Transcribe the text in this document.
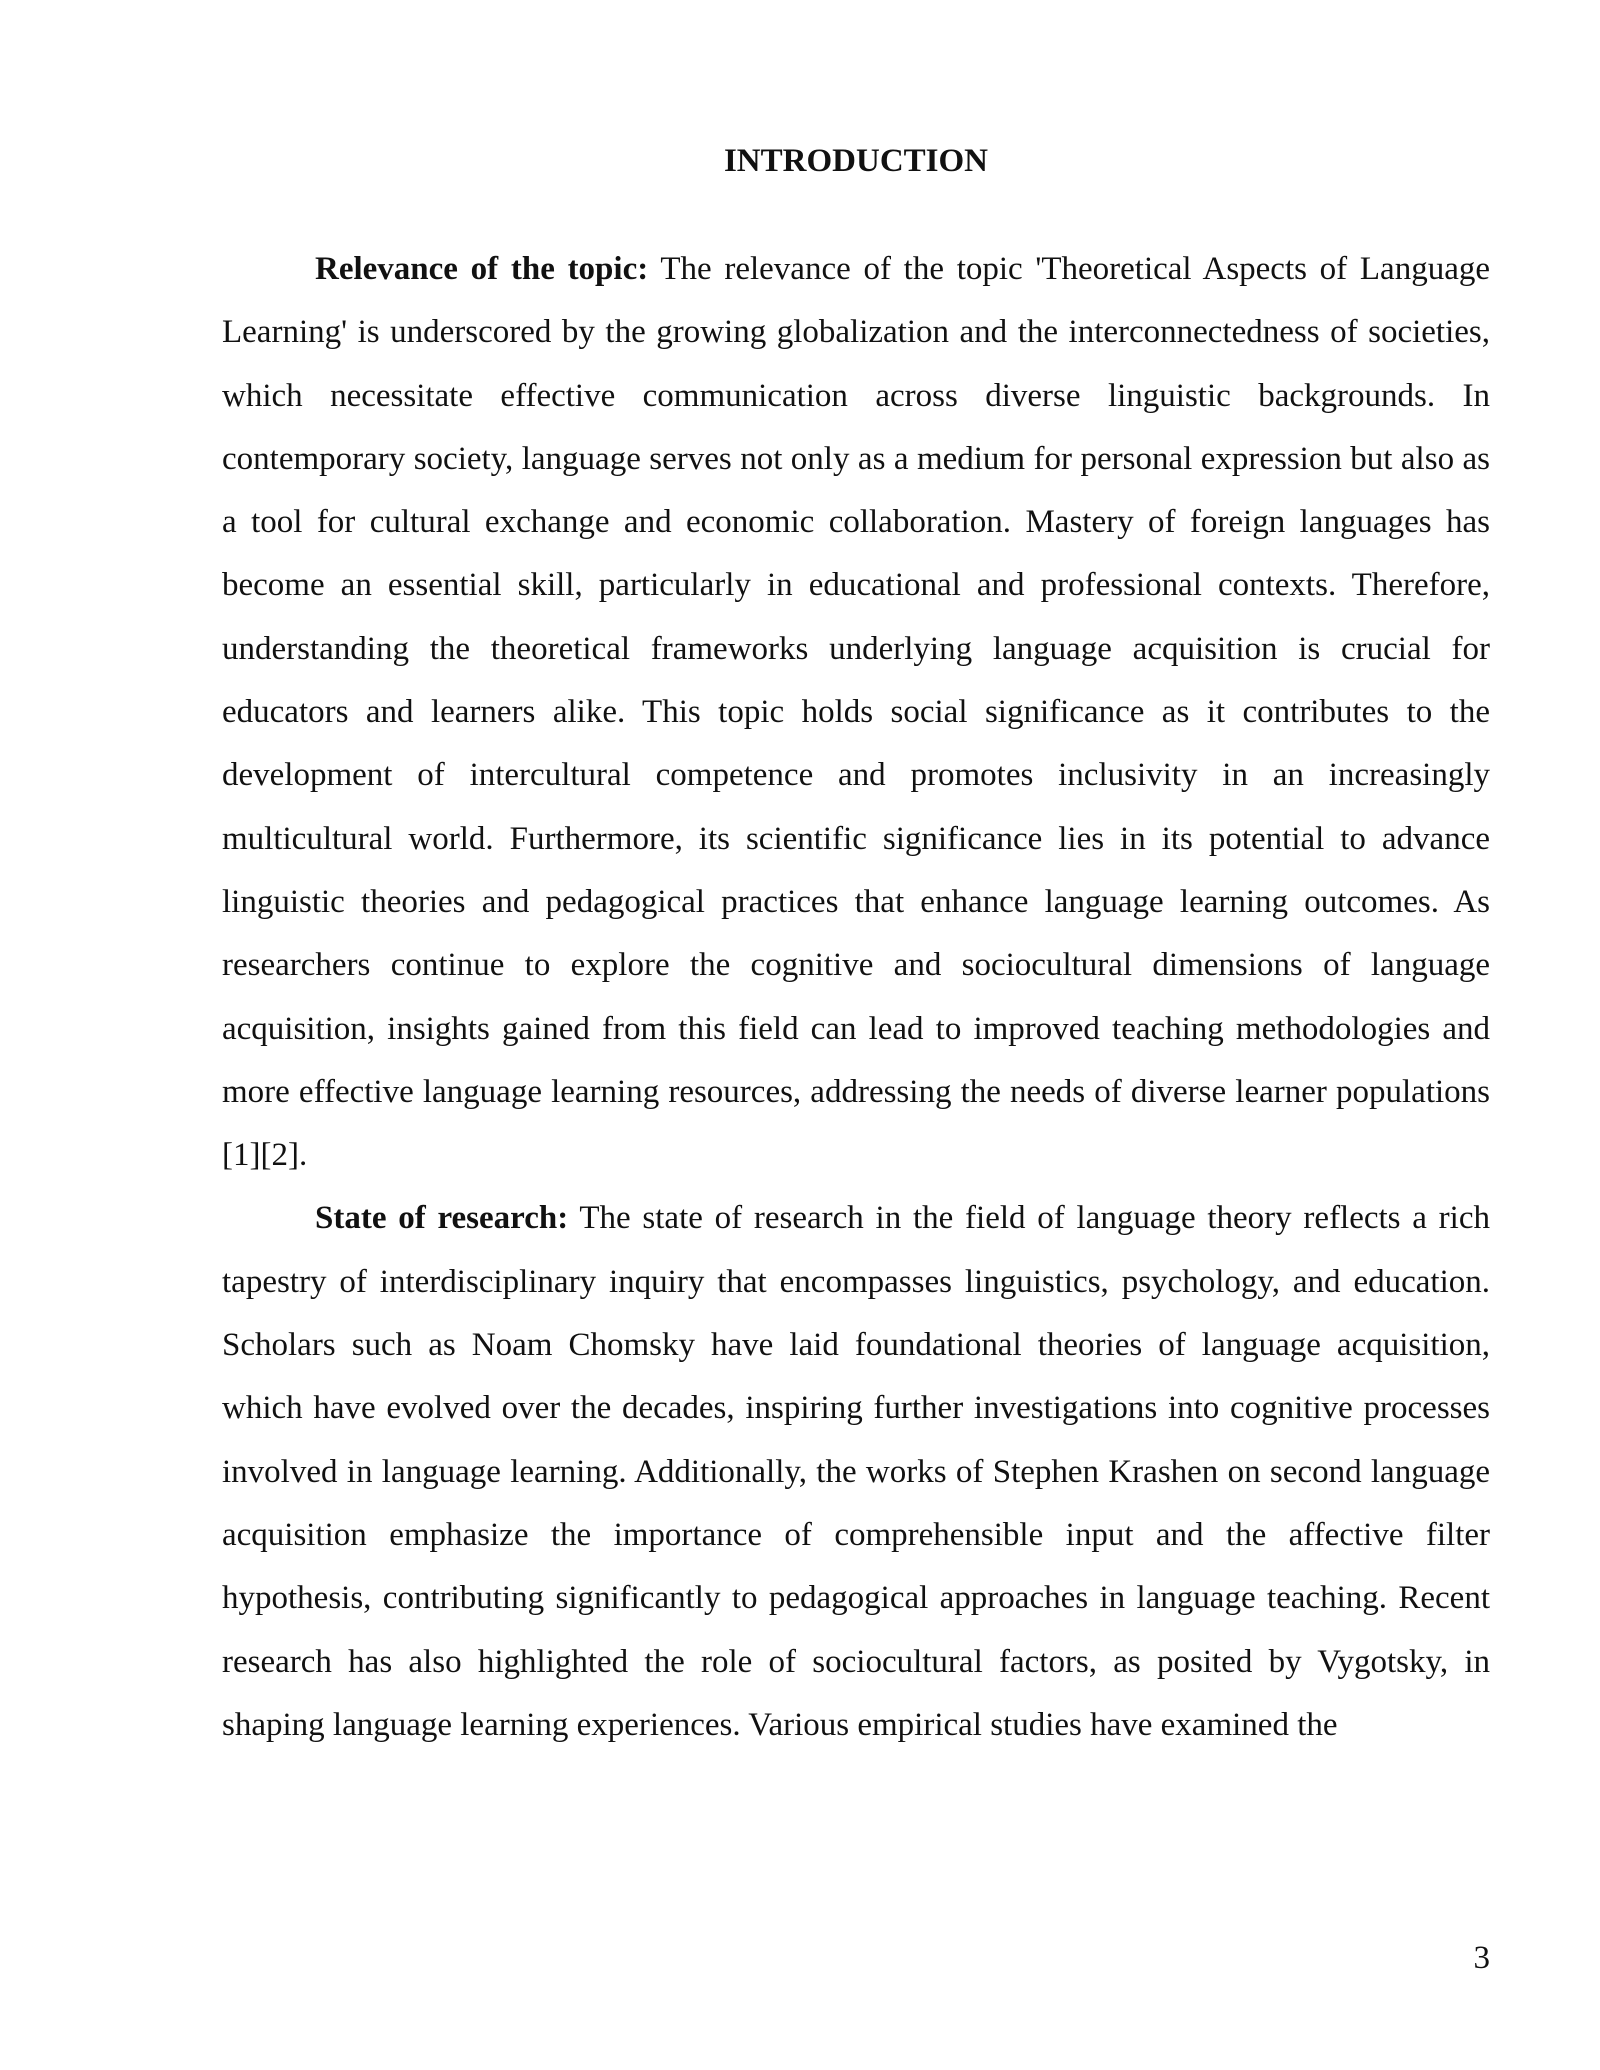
INTRODUCTION

Relevance of the topic: The relevance of the topic 'Theoretical Aspects of Language Learning' is underscored by the growing globalization and the interconnectedness of societies, which necessitate effective communication across diverse linguistic backgrounds. In contemporary society, language serves not only as a medium for personal expression but also as a tool for cultural exchange and economic collaboration. Mastery of foreign languages has become an essential skill, particularly in educational and professional contexts. Therefore, understanding the theoretical frameworks underlying language acquisition is crucial for educators and learners alike. This topic holds social significance as it contributes to the development of intercultural competence and promotes inclusivity in an increasingly multicultural world. Furthermore, its scientific significance lies in its potential to advance linguistic theories and pedagogical practices that enhance language learning outcomes. As researchers continue to explore the cognitive and sociocultural dimensions of language acquisition, insights gained from this field can lead to improved teaching methodologies and more effective language learning resources, addressing the needs of diverse learner populations [1][2].

State of research: The state of research in the field of language theory reflects a rich tapestry of interdisciplinary inquiry that encompasses linguistics, psychology, and education. Scholars such as Noam Chomsky have laid foundational theories of language acquisition, which have evolved over the decades, inspiring further investigations into cognitive processes involved in language learning. Additionally, the works of Stephen Krashen on second language acquisition emphasize the importance of comprehensible input and the affective filter hypothesis, contributing significantly to pedagogical approaches in language teaching. Recent research has also highlighted the role of sociocultural factors, as posited by Vygotsky, in shaping language learning experiences. Various empirical studies have examined the

3
